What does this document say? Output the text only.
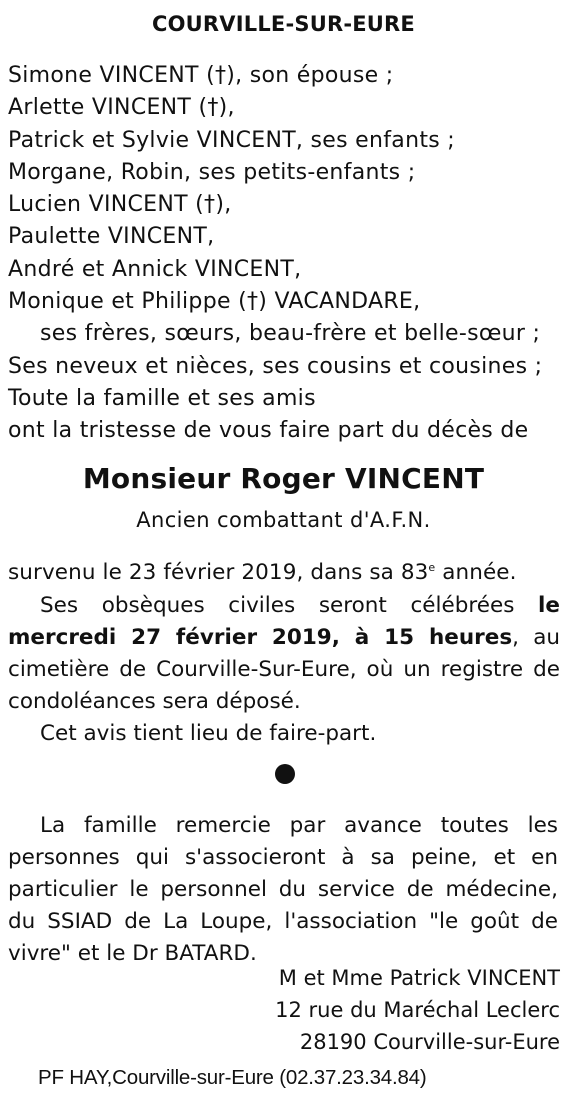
COURVILLE-SUR-EURE
Simone VINCENT (†), son épouse ;
Arlette VINCENT (†),
Patrick et Sylvie VINCENT, ses enfants ;
Morgane, Robin, ses petits-enfants ;
Lucien VINCENT (†),
Paulette VINCENT,
André et Annick VINCENT,
Monique et Philippe (†) VACANDARE,
ses frères, sœurs, beau-frère et belle-sœur ;
Ses neveux et nièces, ses cousins et cousines ;
Toute la famille et ses amis
ont la tristesse de vous faire part du décès de
Monsieur Roger VINCENT
Ancien combattant d'A.F.N.
survenu le 23 février 2019, dans sa 83e année.

Ses obsèques civiles seront célébrées le mercredi 27 février 2019, à 15 heures, au cimetière de Courville-Sur-Eure, où un registre de condoléances sera déposé.

Cet avis tient lieu de faire-part.

La famille remercie par avance toutes les personnes qui s'associeront à sa peine, et en particulier le personnel du service de médecine, du SSIAD de La Loupe, l'association "le goût de vivre" et le Dr BATARD.

M et Mme Patrick VINCENT
12 rue du Maréchal Leclerc
28190 Courville-sur-Eure
PF HAY,Courville-sur-Eure (02.37.23.34.84)
